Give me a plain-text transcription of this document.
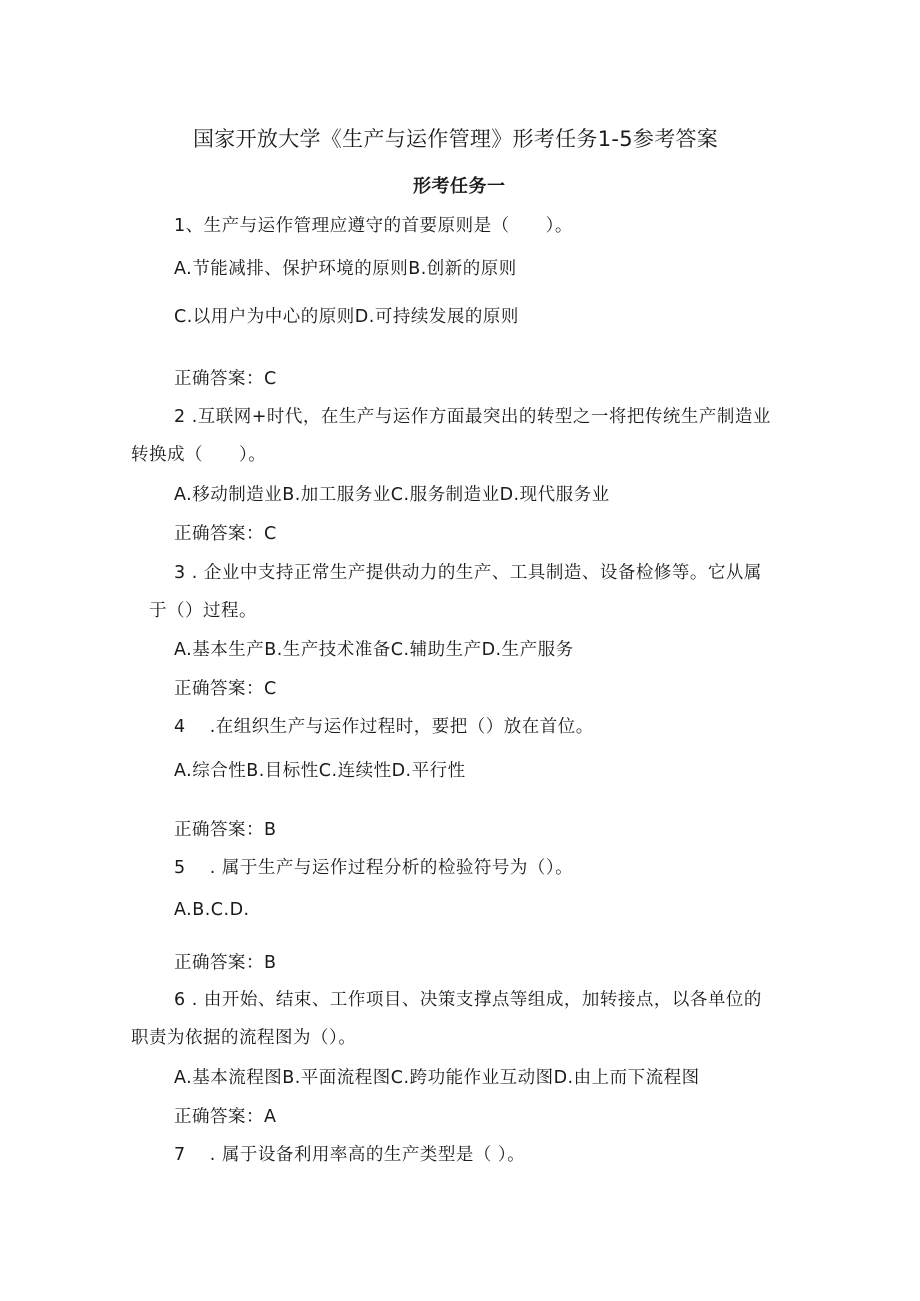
国家开放大学《生产与运作管理》形考任务1-5参考答案
形考任务一
1、生产与运作管理应遵守的首要原则是（　　）。
A.节能减排、保护环境的原则B.创新的原则
C.以用户为中心的原则D.可持续发展的原则
正确答案：C
2 .互联网+时代，在生产与运作方面最突出的转型之一将把传统生产制造业
转换成（　　）。
A.移动制造业B.加工服务业C.服务制造业D.现代服务业
正确答案：C
3 . 企业中支持正常生产提供动力的生产、工具制造、设备检修等。它从属
于（）过程。
A.基本生产B.生产技术准备C.辅助生产D.生产服务
正确答案：C
4　 .在组织生产与运作过程时，要把（）放在首位。
A.综合性B.目标性C.连续性D.平行性
正确答案：B
5　 . 属于生产与运作过程分析的检验符号为（）。
A.B.C.D.
正确答案：B
6 . 由开始、结束、工作项目、决策支撑点等组成，加转接点，以各单位的
职责为依据的流程图为（）。
A.基本流程图B.平面流程图C.跨功能作业互动图D.由上而下流程图
正确答案：A
7　 . 属于设备利用率高的生产类型是（ ）。
